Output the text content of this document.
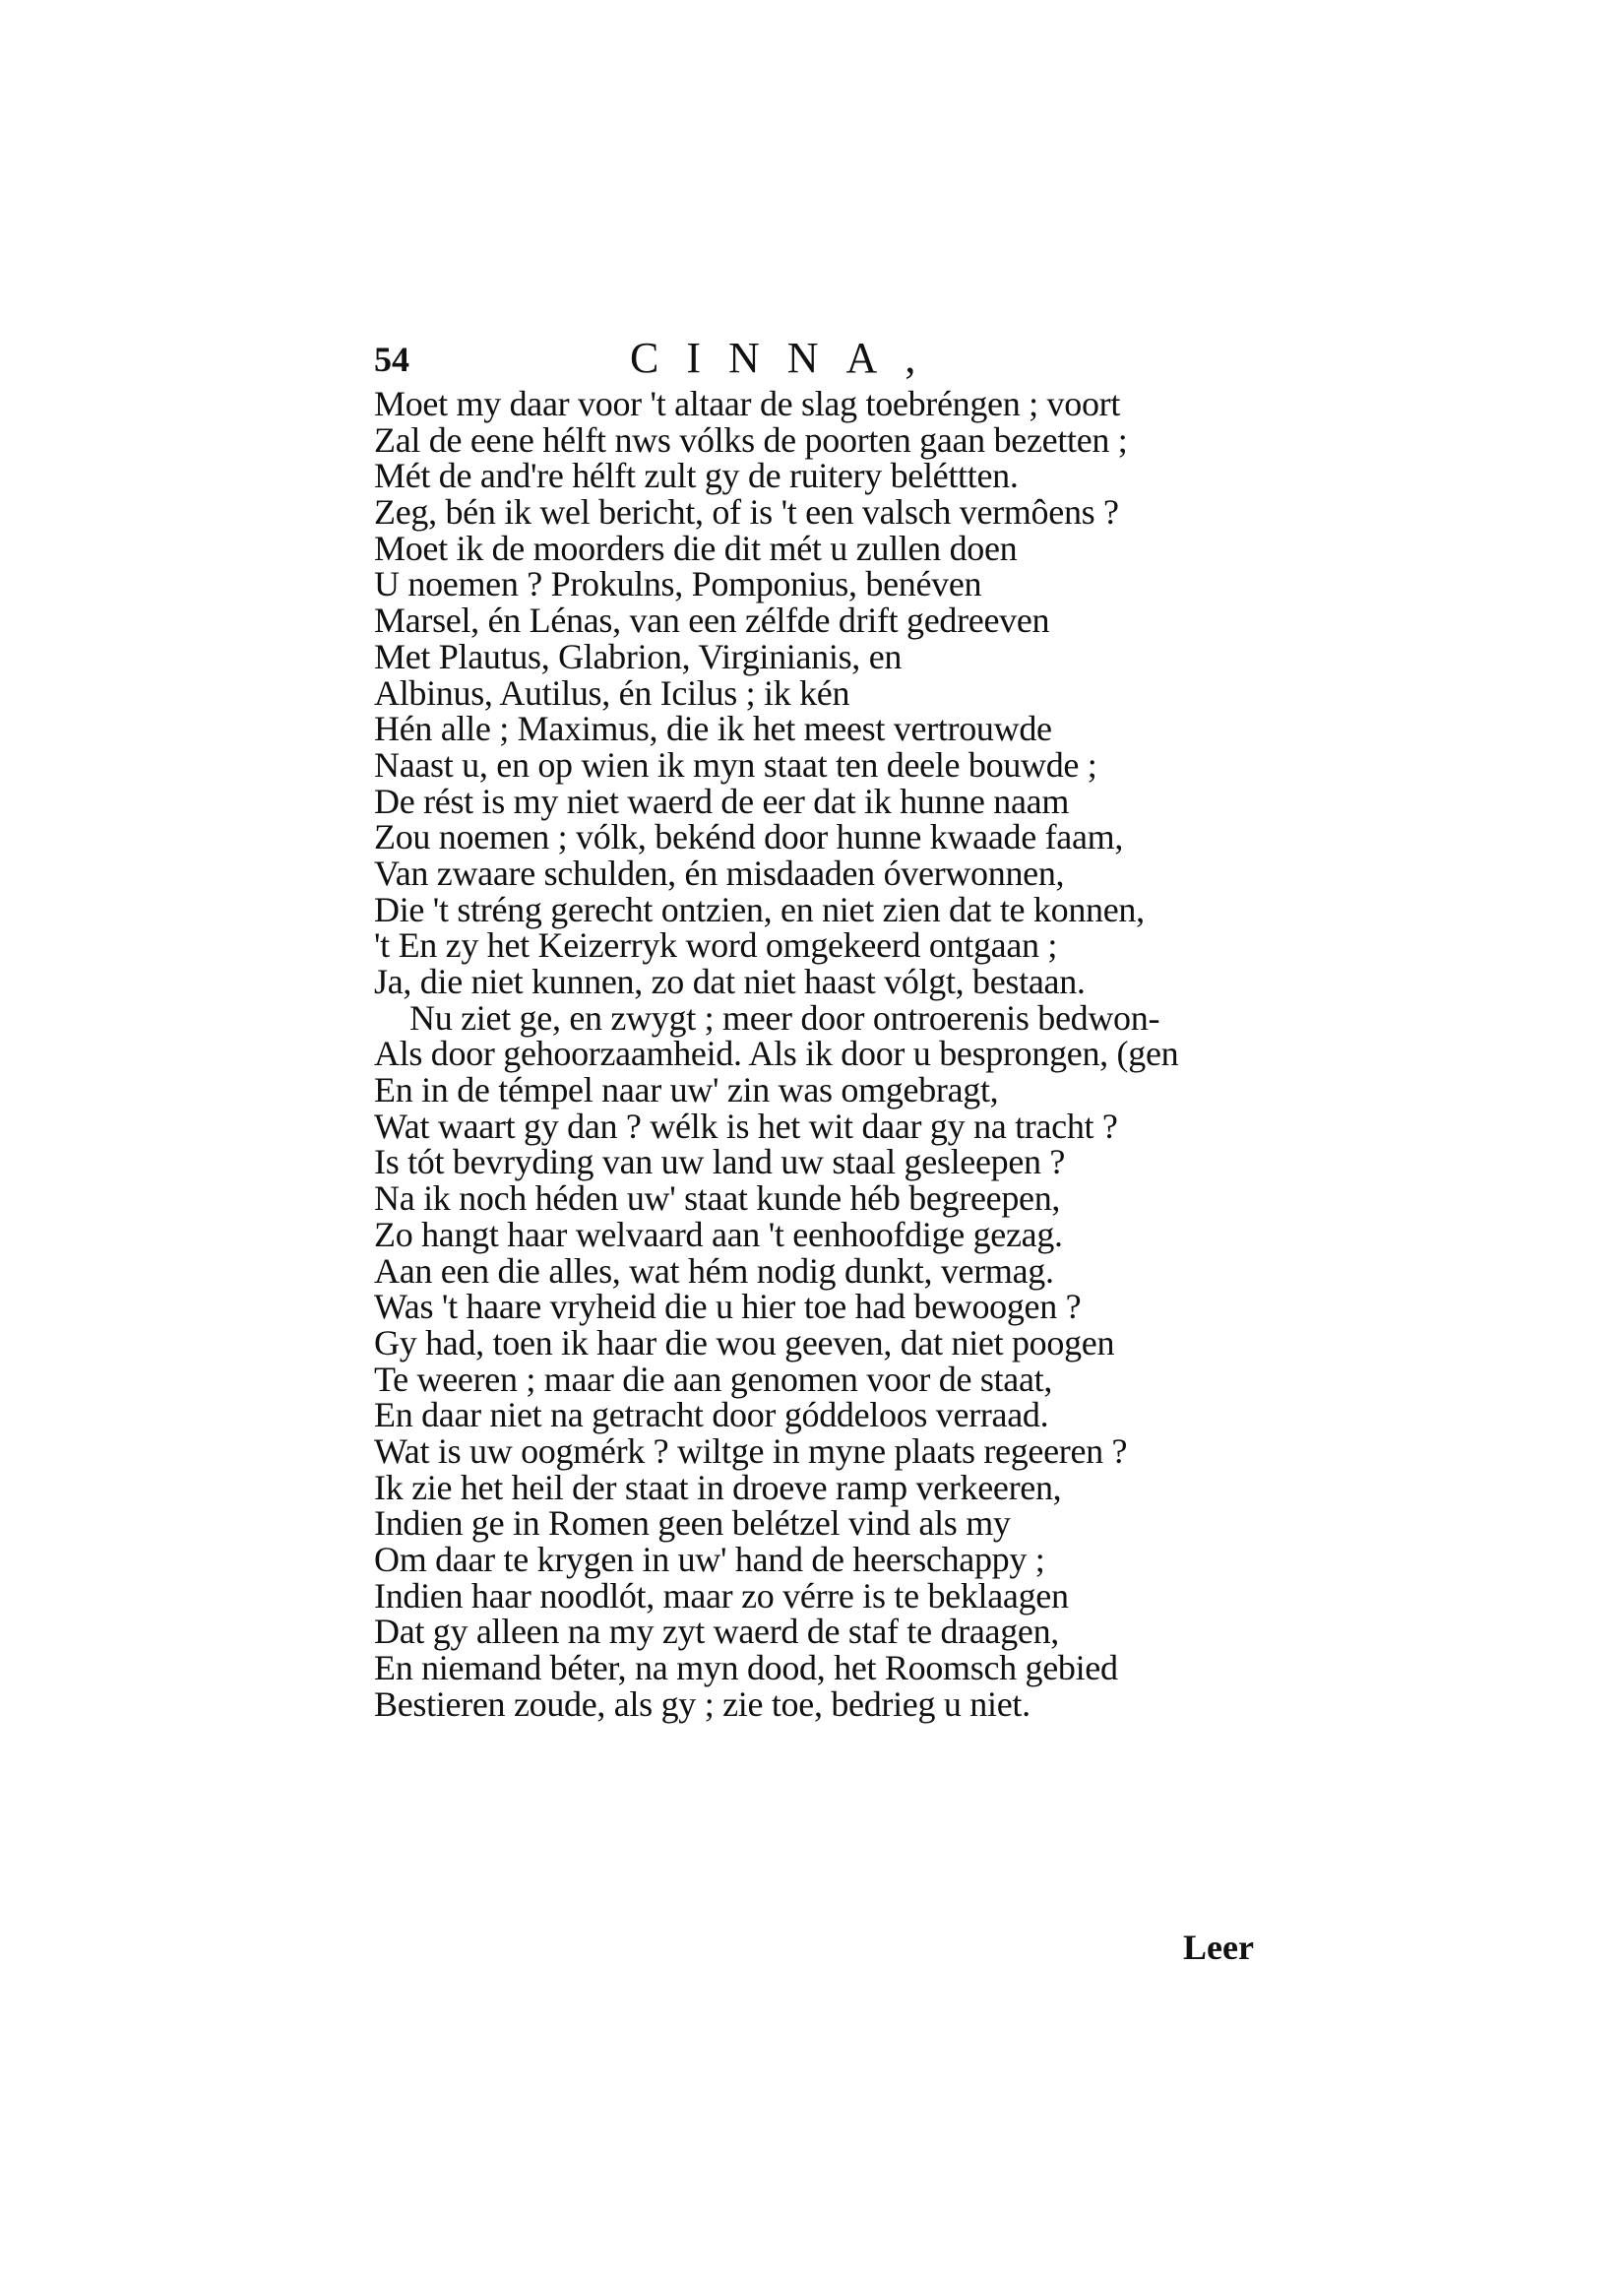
54	CINNA,
Moet my daar voor 't altaar de slag toebréngen ; voort
Zal de eene hélft nws vólks de poorten gaan bezetten ;
Mét de and're hélft zult gy de ruitery beléttten.
Zeg, bén ik wel bericht, of is 't een valsch vermôens ?
Moet ik de moorders die dit mét u zullen doen
U noemen ? Prokulns, Pomponius, benéven
Marsel, én Lénas, van een zélfde drift gedreeven
Met Plautus, Glabrion, Virginianis, en
Albinus, Autilus, én Icilus ; ik kén
Hén alle ; Maximus, die ik het meest vertrouwde
Naast u, en op wien ik myn staat ten deele bouwde ;
De rést is my niet waerd de eer dat ik hunne naam
Zou noemen ; vólk, bekénd door hunne kwaade faam,
Van zwaare schulden, én misdaaden óverwonnen,
Die 't stréng gerecht ontzien, en niet zien dat te konnen,
't En zy het Keizerryk word omgekeerd ontgaan ;
Ja, die niet kunnen, zo dat niet haast vólgt, bestaan.
Nu ziet ge, en zwygt ; meer door ontroerenis bedwon-
Als door gehoorzaamheid. Als ik door u besprongen, (gen
En in de témpel naar uw' zin was omgebragt,
Wat waart gy dan ? wélk is het wit daar gy na tracht ?
Is tót bevryding van uw land uw staal gesleepen ?
Na ik noch héden uw' staat kunde héb begreepen,
Zo hangt haar welvaard aan 't eenhoofdige gezag.
Aan een die alles, wat hém nodig dunkt, vermag.
Was 't haare vryheid die u hier toe had bewoogen ?
Gy had, toen ik haar die wou geeven, dat niet poogen
Te weeren ; maar die aan genomen voor de staat,
En daar niet na getracht door góddeloos verraad.
Wat is uw oogmérk ? wiltge in myne plaats regeeren ?
Ik zie het heil der staat in droeve ramp verkeeren,
Indien ge in Romen geen belétzel vind als my
Om daar te krygen in uw' hand de heerschappy ;
Indien haar noodlót, maar zo vérre is te beklaagen
Dat gy alleen na my zyt waerd de staf te draagen,
En niemand béter, na myn dood, het Roomsch gebied
Bestieren zoude, als gy ; zie toe, bedrieg u niet.
Leer
